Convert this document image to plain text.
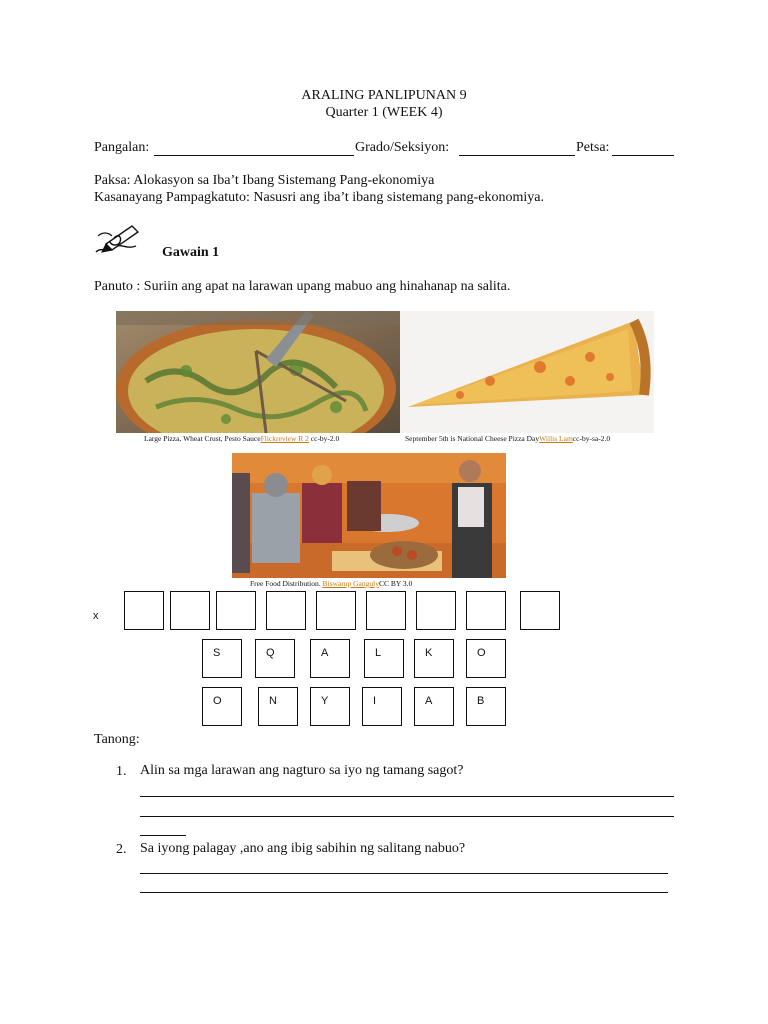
ARALING PANLIPUNAN 9
Quarter 1 (WEEK 4)
Pangalan:	Grado/Seksiyon:	Petsa:
Paksa: Alokasyon sa Iba’t Ibang Sistemang Pang-ekonomiya
Kasanayang Pampagkatuto: Nasusri ang iba’t ibang sistemang pang-ekonomiya.
Gawain 1
Panuto : Suriin ang apat na larawan upang mabuo ang hinahanap na salita.
Large Pizza, Wheat Crust, Pesto SauceFlickreview R 2 cc-by-2.0	September 5th is National Cheese Pizza DayWillis Lamcc-by-sa-2.0
Free Food Distribution. Biswarup GangulyCC BY 3.0
x
S	Q	A	L	K	O
O	N	Y	I	A	B
Tanong:
1. Alin sa mga larawan ang nagturo sa iyo ng tamang sagot?
2. Sa iyong palagay ,ano ang ibig sabihin ng salitang nabuo?
